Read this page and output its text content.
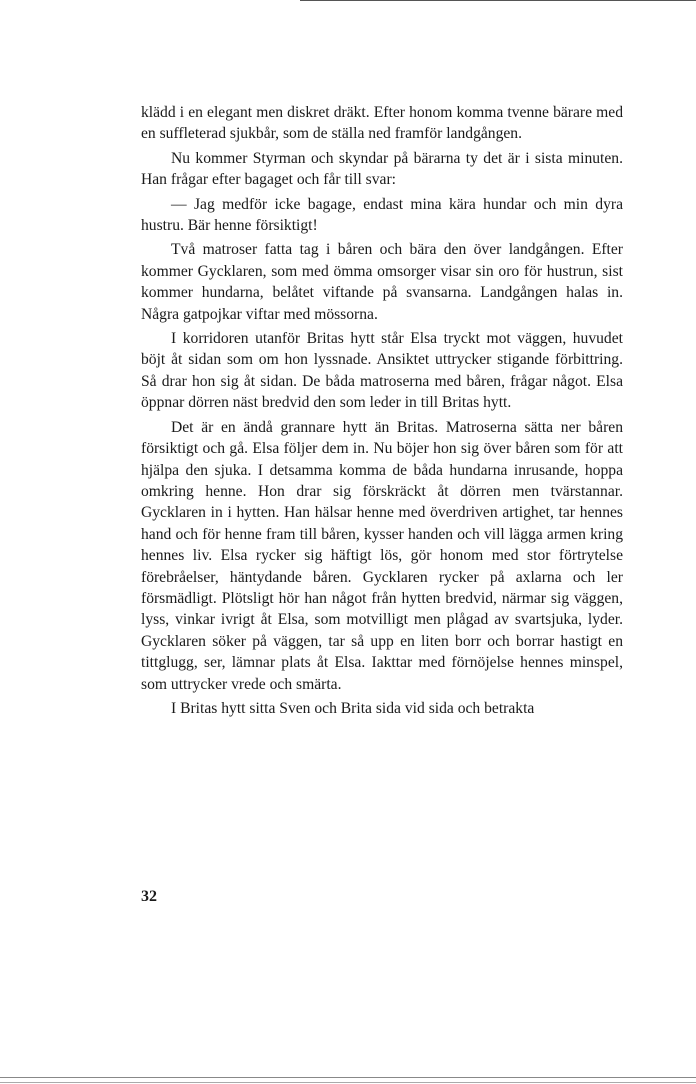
klädd i en elegant men diskret dräkt. Efter honom komma tvenne bärare med en suffleterad sjukbår, som de ställa ned framför landgången.

Nu kommer Styrman och skyndar på bärarna ty det är i sista minuten. Han frågar efter bagaget och får till svar:

— Jag medför icke bagage, endast mina kära hundar och min dyra hustru. Bär henne försiktigt!

Två matroser fatta tag i båren och bära den över landgången. Efter kommer Gycklaren, som med ömma omsorger visar sin oro för hustrun, sist kommer hundarna, belåtet viftande på svansarna. Landgången halas in. Några gatpojkar viftar med mössorna.

I korridoren utanför Britas hytt står Elsa tryckt mot väggen, huvudet böjt åt sidan som om hon lyssnade. Ansiktet uttrycker stigande förbittring. Så drar hon sig åt sidan. De båda matroserna med båren, frågar något. Elsa öppnar dörren näst bredvid den som leder in till Britas hytt.

Det är en ändå grannare hytt än Britas. Matroserna sätta ner båren försiktigt och gå. Elsa följer dem in. Nu böjer hon sig över båren som för att hjälpa den sjuka. I detsamma komma de båda hundarna inrusande, hoppa omkring henne. Hon drar sig förskräckt åt dörren men tvärstannar. Gycklaren in i hytten. Han hälsar henne med överdriven artighet, tar hennes hand och för henne fram till båren, kysser handen och vill lägga armen kring hennes liv. Elsa rycker sig häftigt lös, gör honom med stor förtrytelse förebråelser, häntydande båren. Gycklaren rycker på axlarna och ler försmädligt. Plötsligt hör han något från hytten bredvid, närmar sig väggen, lyss, vinkar ivrigt åt Elsa, som motvilligt men plågad av svartsjuka, lyder. Gycklaren söker på väggen, tar så upp en liten borr och borrar hastigt en tittglugg, ser, lämnar plats åt Elsa. Iakttar med förnöjelse hennes minspel, som uttrycker vrede och smärta.

I Britas hytt sitta Sven och Brita sida vid sida och betrakta

32
